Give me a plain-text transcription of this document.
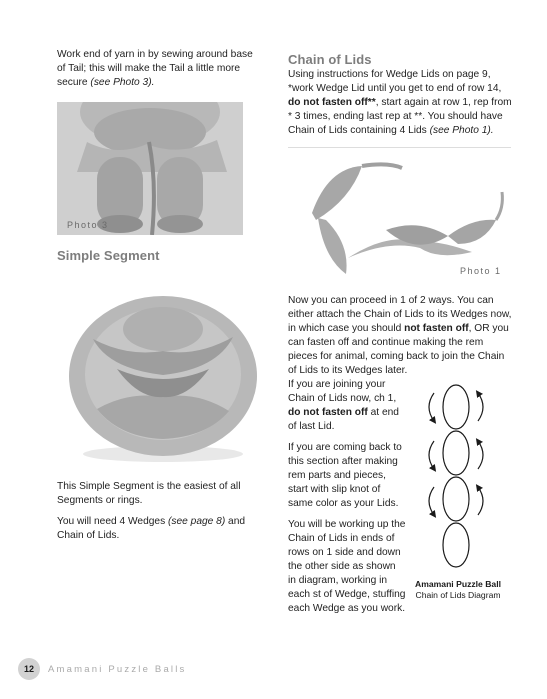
Work end of yarn in by sewing around base of Tail; this will make the Tail a little more secure (see Photo 3).
Photo 3
Simple Segment

This Simple Segment is the easiest of all Segments or rings.

You will need 4 Wedges (see page 8) and Chain of Lids.

Chain of Lids
Using instructions for Wedge Lids on page 9, *work Wedge Lid until you get to end of row 14, do not fasten off**, start again at row 1, rep from * 3 times, ending last rep at **. You should have Chain of Lids containing 4 Lids (see Photo 1).
Photo 1
Now you can proceed in 1 of 2 ways. You can either attach the Chain of Lids to its Wedges now, in which case you should not fasten off, OR you can fasten off and continue making the rem pieces for animal, coming back to join the Chain of Lids to its Wedges later.

If you are joining your Chain of Lids now, ch 1, do not fasten off at end of last Lid.

If you are coming back to this section after making rem parts and pieces, start with slip knot of same color as your Lids.

You will be working up the Chain of Lids in ends of rows on 1 side and down the other side as shown in diagram, working in each st of Wedge, stuffing each Wedge as you work.

Amamani Puzzle Ball
Chain of Lids Diagram
12	Amamani Puzzle Balls
